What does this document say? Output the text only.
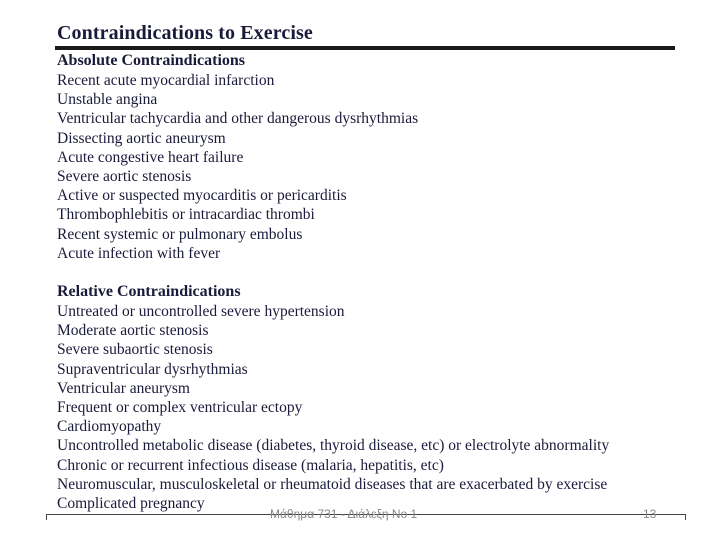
Contraindications to Exercise
Absolute Contraindications
Recent acute myocardial infarction
Unstable angina
Ventricular tachycardia and other dangerous dysrhythmias
Dissecting aortic aneurysm
Acute congestive heart failure
Severe aortic stenosis
Active or suspected myocarditis or pericarditis
Thrombophlebitis or intracardiac thrombi
Recent systemic or pulmonary embolus
Acute infection with fever
Relative Contraindications
Untreated or uncontrolled severe hypertension
Moderate aortic stenosis
Severe subaortic stenosis
Supraventricular dysrhythmias
Ventricular aneurysm
Frequent or complex ventricular ectopy
Cardiomyopathy
Uncontrolled metabolic disease (diabetes, thyroid disease, etc) or electrolyte abnormality
Chronic or recurrent infectious disease (malaria, hepatitis, etc)
Neuromuscular, musculoskeletal or rheumatoid diseases that are exacerbated by exercise
Complicated pregnancy
Μάθημα 731 - Διάλεξη No 1	13
